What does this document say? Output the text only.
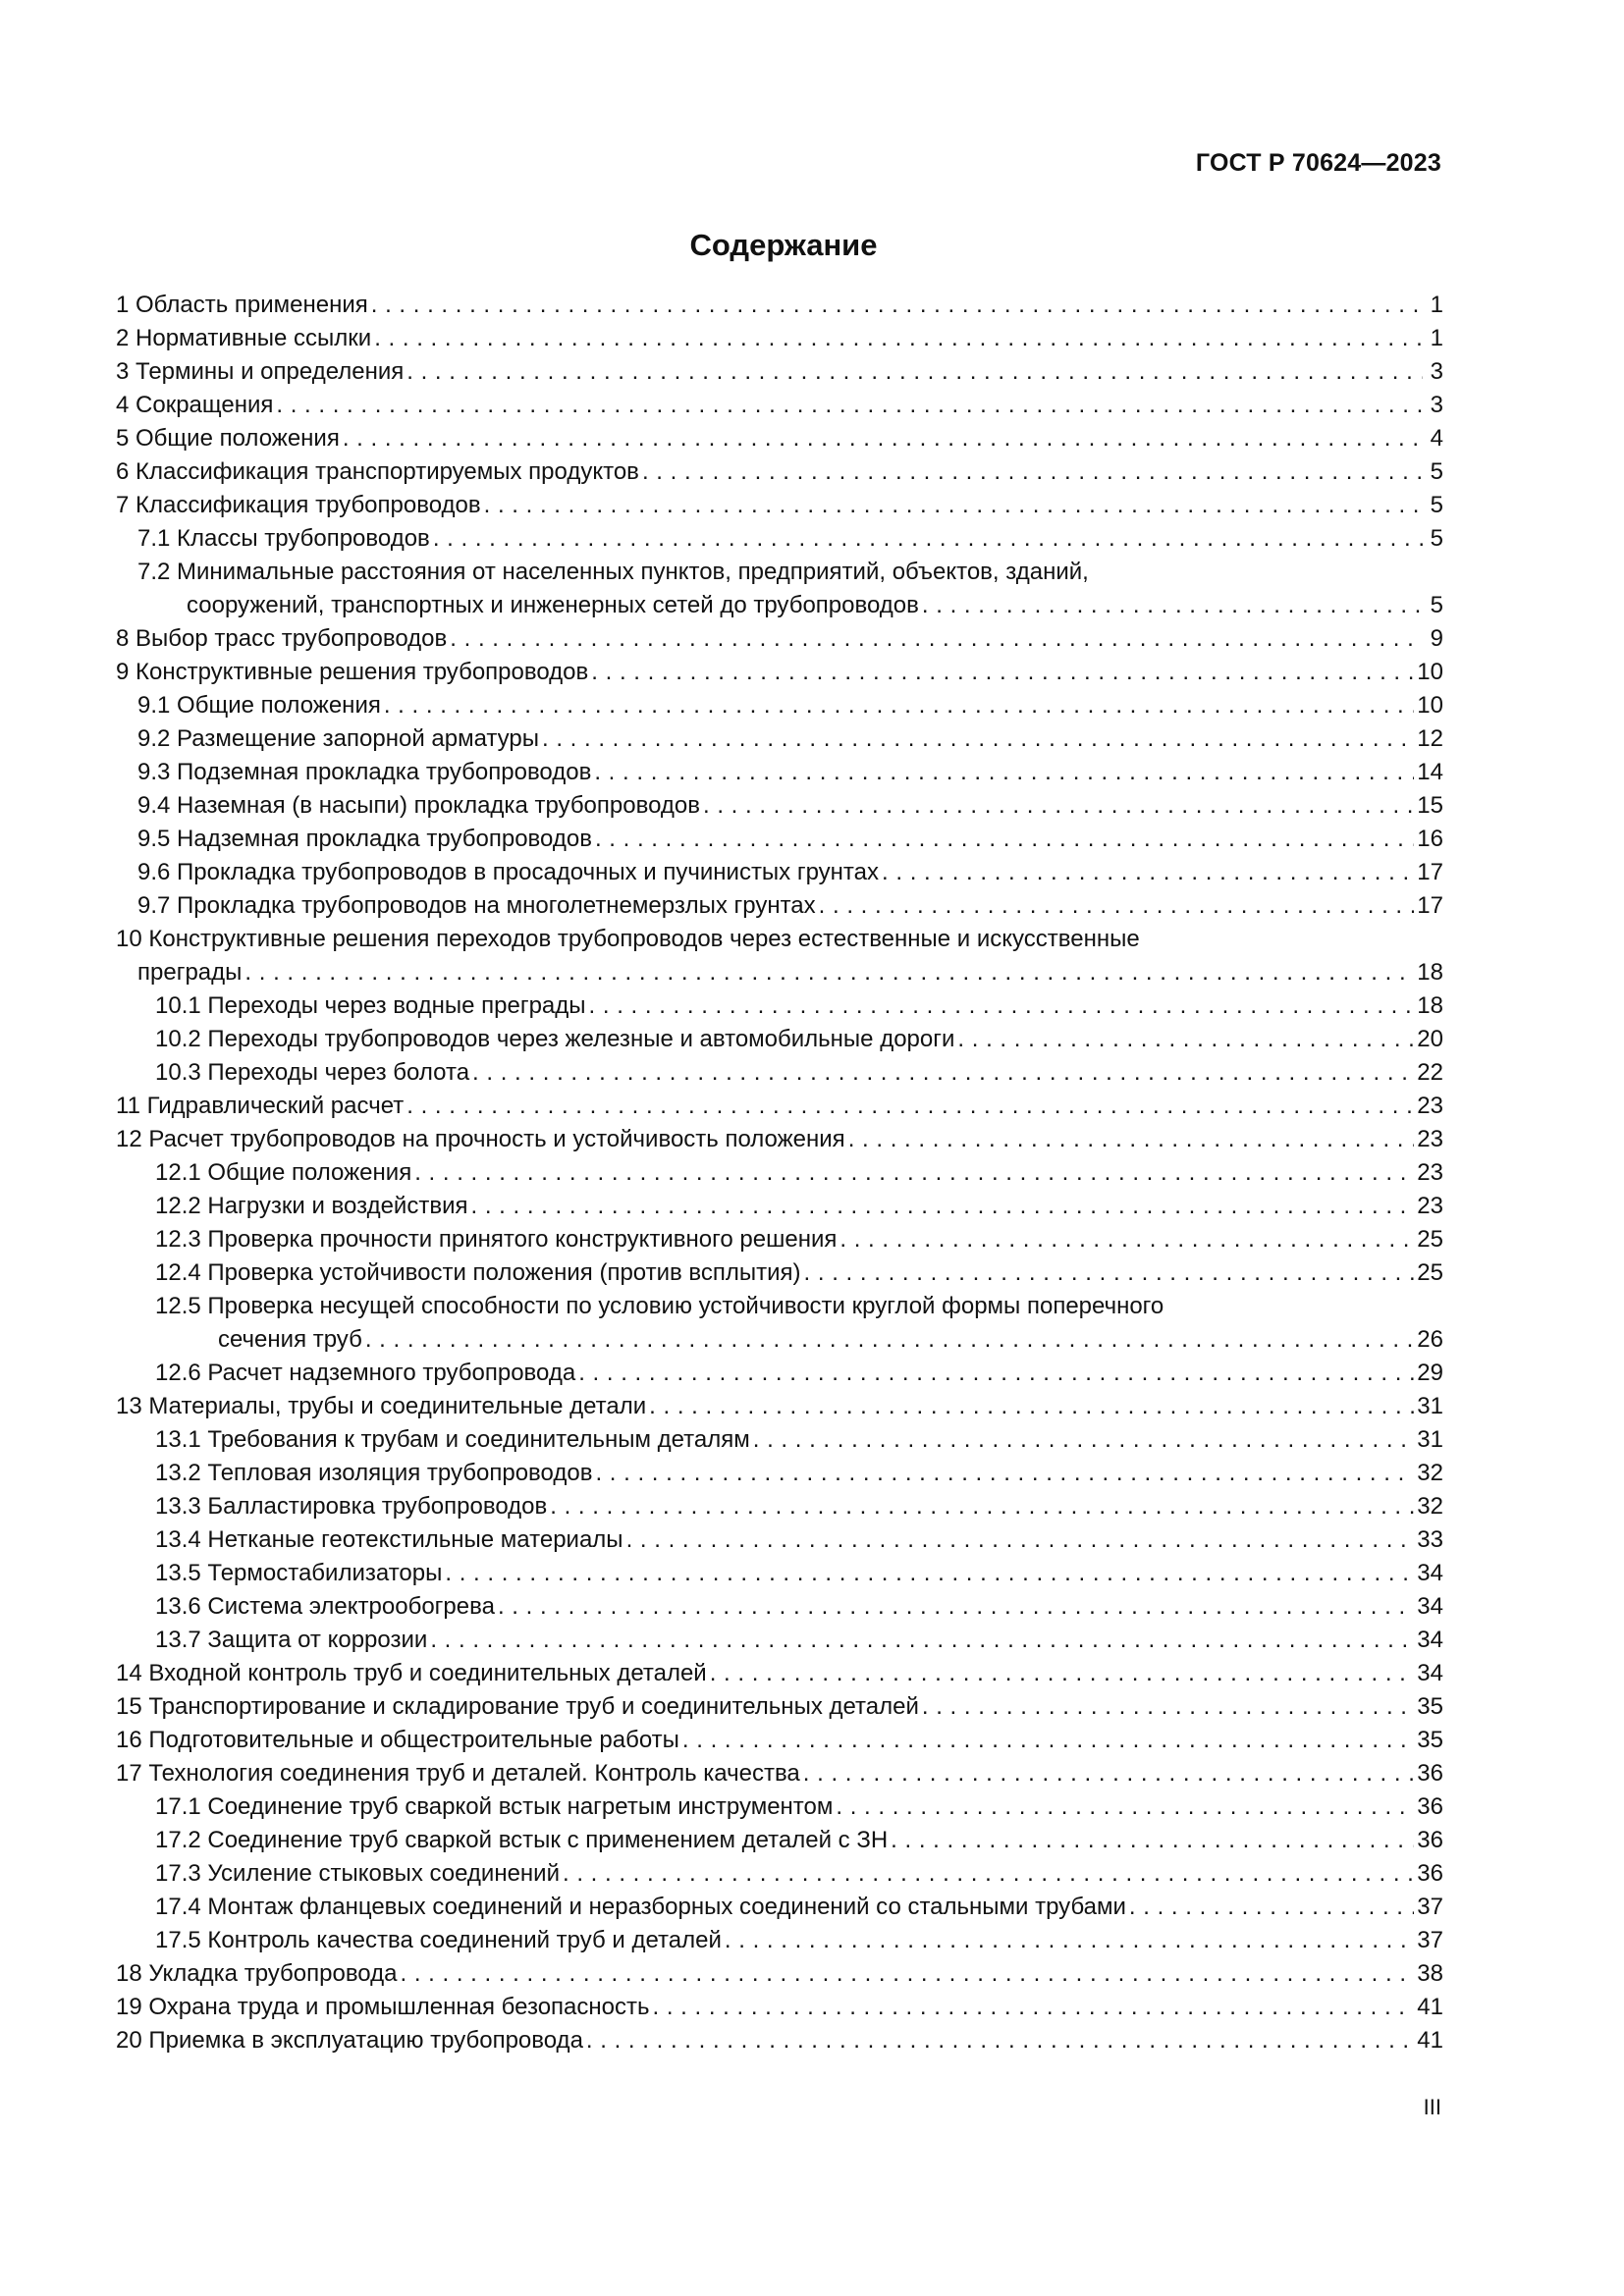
ГОСТ Р 70624—2023
Содержание
1 Область применения . . .	1
2 Нормативные ссылки . . .	1
3 Термины и определения . . .	3
4 Сокращения . . .	3
5 Общие положения . . .	4
6 Классификация транспортируемых продуктов . . .	5
7 Классификация трубопроводов . . .	5
7.1 Классы трубопроводов . . .	5
7.2 Минимальные расстояния от населенных пунктов, предприятий, объектов, зданий,
сооружений, транспортных и инженерных сетей до трубопроводов . . .	5
8 Выбор трасс трубопроводов . . .	9
9 Конструктивные решения трубопроводов . . .	10
9.1 Общие положения . . .	10
9.2 Размещение запорной арматуры . . .	12
9.3 Подземная прокладка трубопроводов . . .	14
9.4 Наземная (в насыпи) прокладка трубопроводов . . .	15
9.5 Надземная прокладка трубопроводов . . .	16
9.6 Прокладка трубопроводов в просадочных и пучинистых грунтах . . .	17
9.7 Прокладка трубопроводов на многолетнемерзлых грунтах . . .	17
10 Конструктивные решения переходов трубопроводов через естественные и искусственные
преграды . . .	18
10.1 Переходы через водные преграды . . .	18
10.2 Переходы трубопроводов через железные и автомобильные дороги . . .	20
10.3 Переходы через болота . . .	22
11 Гидравлический расчет . . .	23
12 Расчет трубопроводов на прочность и устойчивость положения . . .	23
12.1 Общие положения . . .	23
12.2 Нагрузки и воздействия . . .	23
12.3 Проверка прочности принятого конструктивного решения . . .	25
12.4 Проверка устойчивости положения (против всплытия) . . .	25
12.5 Проверка несущей способности по условию устойчивости круглой формы поперечного
сечения труб . . .	26
12.6 Расчет надземного трубопровода . . .	29
13 Материалы, трубы и соединительные детали . . .	31
13.1 Требования к трубам и соединительным деталям . . .	31
13.2 Тепловая изоляция трубопроводов . . .	32
13.3 Балластировка трубопроводов . . .	32
13.4 Нетканые геотекстильные материалы . . .	33
13.5 Термостабилизаторы . . .	34
13.6 Система электрообогрева . . .	34
13.7 Защита от коррозии . . .	34
14 Входной контроль труб и соединительных деталей . . .	34
15 Транспортирование и складирование труб и соединительных деталей . . .	35
16 Подготовительные и общестроительные работы . . .	35
17 Технология соединения труб и деталей. Контроль качества . . .	36
17.1 Соединение труб сваркой встык нагретым инструментом . . .	36
17.2 Соединение труб сваркой встык с применением деталей с ЗН . . .	36
17.3 Усиление стыковых соединений . . .	36
17.4 Монтаж фланцевых соединений и неразборных соединений со стальными трубами . . .	37
17.5 Контроль качества соединений труб и деталей . . .	37
18 Укладка трубопровода . . .	38
19 Охрана труда и промышленная безопасность . . .	41
20 Приемка в эксплуатацию трубопровода . . .	41
III
